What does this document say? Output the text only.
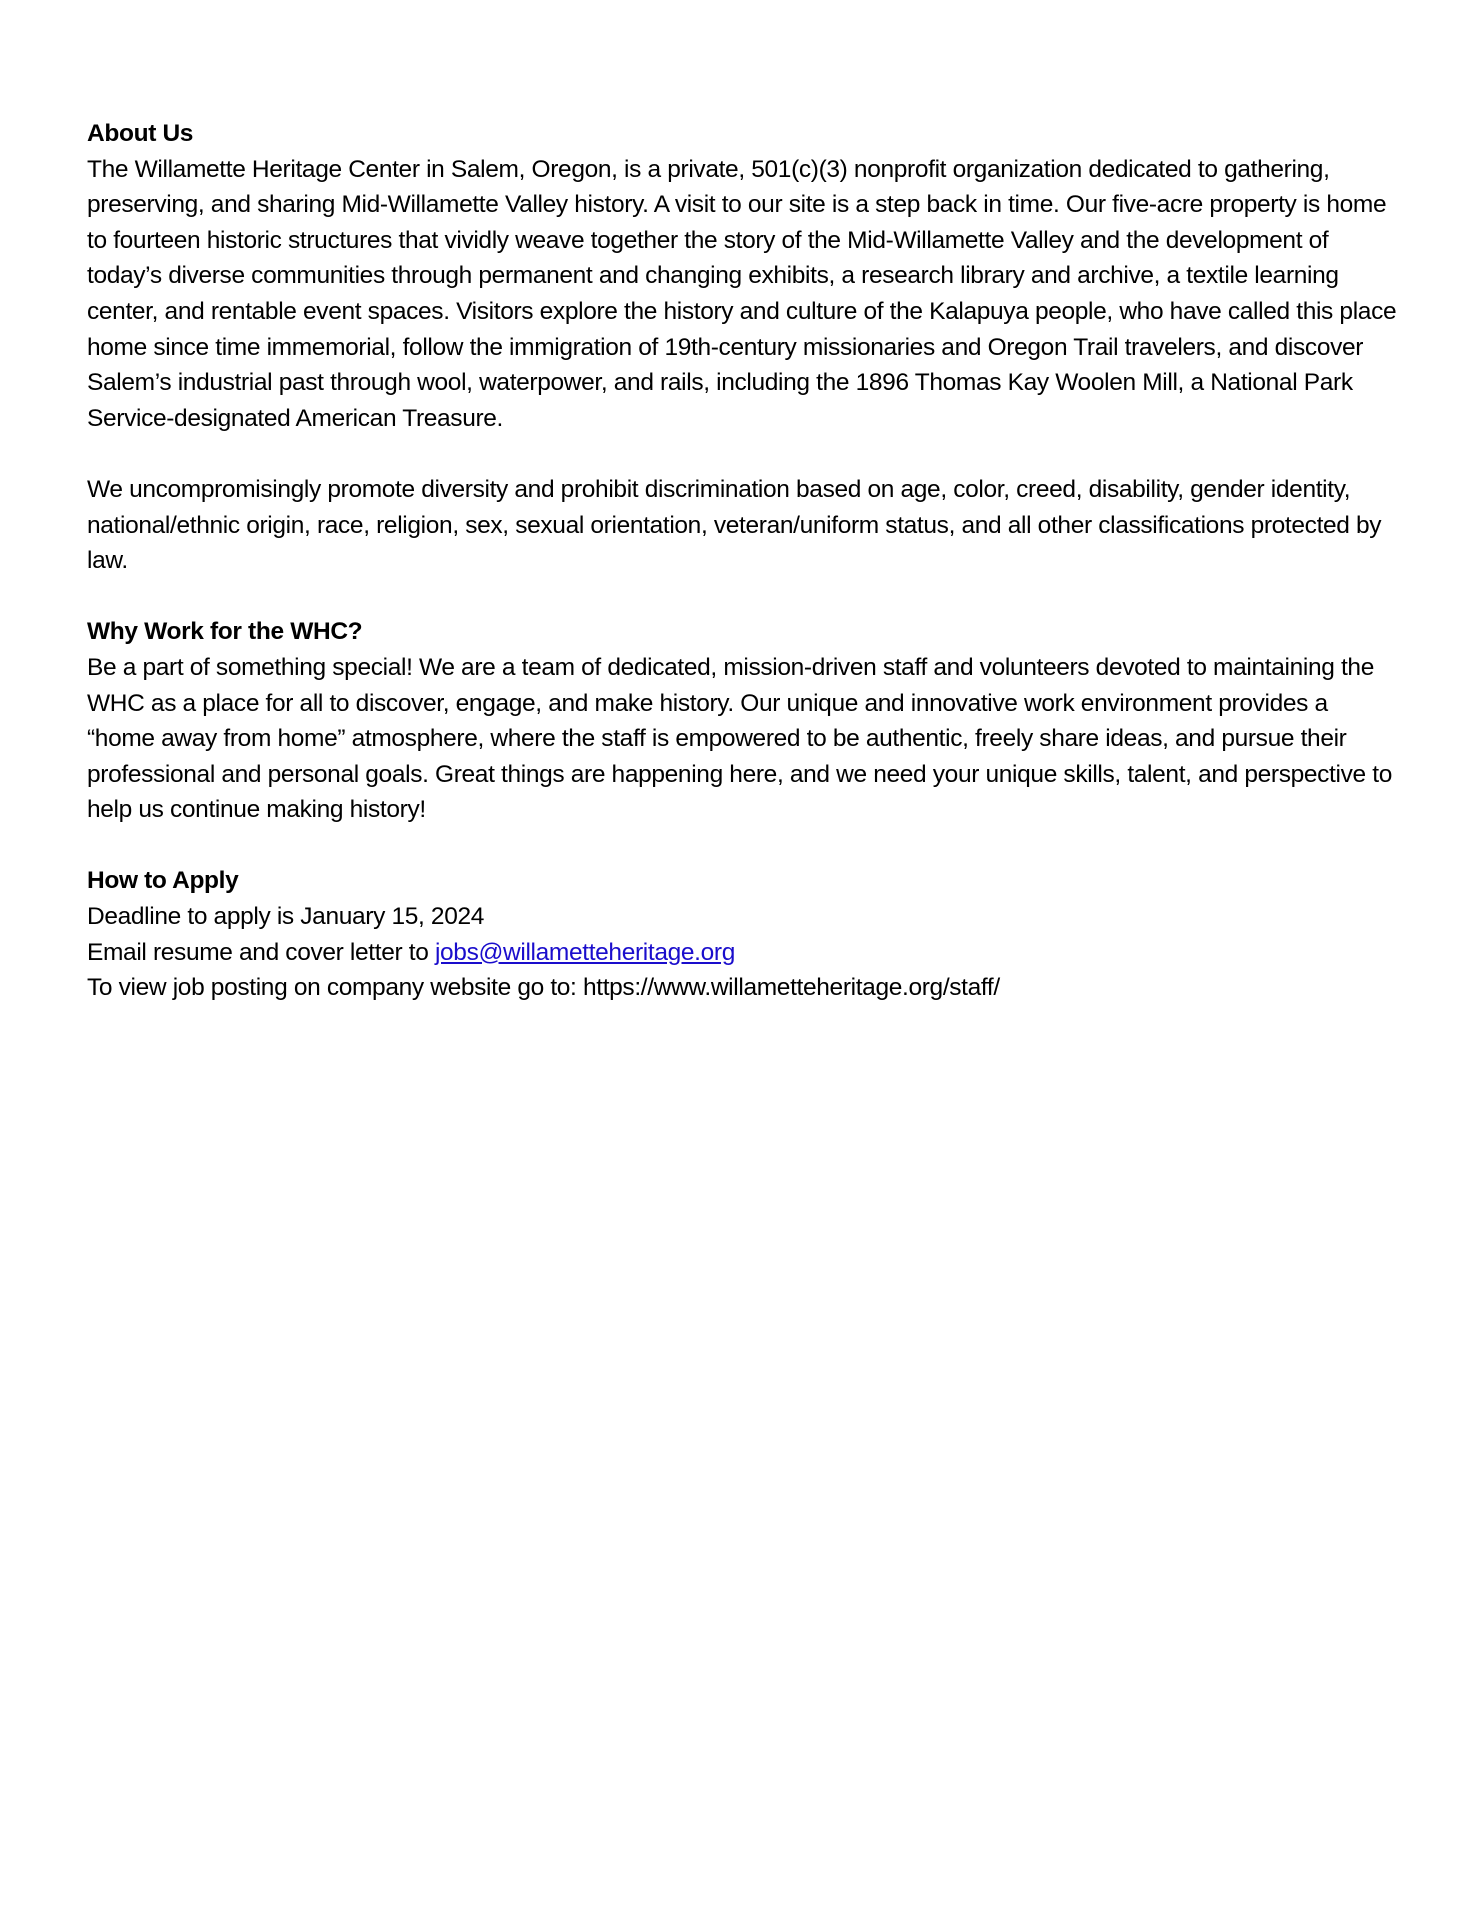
About Us

The Willamette Heritage Center in Salem, Oregon, is a private, 501(c)(3) nonprofit organization dedicated to gathering, preserving, and sharing Mid-Willamette Valley history. A visit to our site is a step back in time. Our five-acre property is home to fourteen historic structures that vividly weave together the story of the Mid-Willamette Valley and the development of today’s diverse communities through permanent and changing exhibits, a research library and archive, a textile learning center, and rentable event spaces. Visitors explore the history and culture of the Kalapuya people, who have called this place home since time immemorial, follow the immigration of 19th-century missionaries and Oregon Trail travelers, and discover Salem’s industrial past through wool, waterpower, and rails, including the 1896 Thomas Kay Woolen Mill, a National Park Service-designated American Treasure.

We uncompromisingly promote diversity and prohibit discrimination based on age, color, creed, disability, gender identity, national/ethnic origin, race, religion, sex, sexual orientation, veteran/uniform status, and all other classifications protected by law.

Why Work for the WHC?

Be a part of something special! We are a team of dedicated, mission-driven staff and volunteers devoted to maintaining the WHC as a place for all to discover, engage, and make history. Our unique and innovative work environment provides a “home away from home” atmosphere, where the staff is empowered to be authentic, freely share ideas, and pursue their professional and personal goals. Great things are happening here, and we need your unique skills, talent, and perspective to help us continue making history!

How to Apply

Deadline to apply is January 15, 2024

Email resume and cover letter to jobs@willametteheritage.org

To view job posting on company website go to: https://www.willametteheritage.org/staff/
